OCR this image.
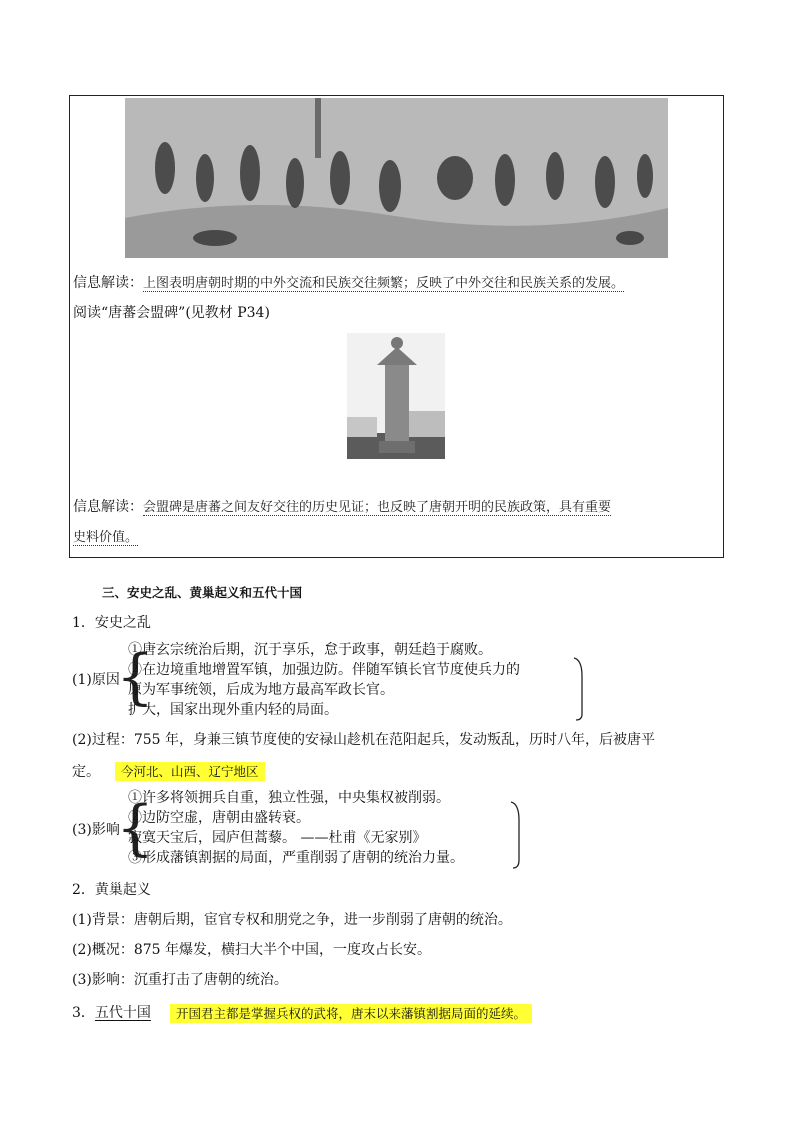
信息解读：上图表明唐朝时期的中外交流和民族交往频繁；反映了中外交往和民族关系的发展。
阅读“唐蕃会盟碑”(见教材 P34)
信息解读：会盟碑是唐蕃之间友好交往的历史见证；也反映了唐朝开明的民族政策，具有重要
史料价值。
三、安史之乱、黄巢起义和五代十国
1．安史之乱
(1)原因
{
①唐玄宗统治后期，沉于享乐，怠于政事，朝廷趋于腐败。
②在边境重地增置军镇，加强边防。伴随军镇长官节度使兵力的
原为军事统领，后成为地方最高军政长官。
扩大，国家出现外重内轻的局面。
(2)过程：755 年，身兼三镇节度使的安禄山趁机在范阳起兵，发动叛乱，历时八年，后被唐平
定。	今河北、山西、辽宁地区
(3)影响
{
①许多将领拥兵自重，独立性强，中央集权被削弱。
②边防空虚，唐朝由盛转衰。
寂寞天宝后，园庐但蒿藜。 ——杜甫《无家别》
③形成藩镇割据的局面，严重削弱了唐朝的统治力量。
2．黄巢起义
(1)背景：唐朝后期，宦官专权和朋党之争，进一步削弱了唐朝的统治。
(2)概况：875 年爆发，横扫大半个中国，一度攻占长安。
(3)影响：沉重打击了唐朝的统治。
3．五代十国	开国君主都是掌握兵权的武将，唐末以来藩镇割据局面的延续。
